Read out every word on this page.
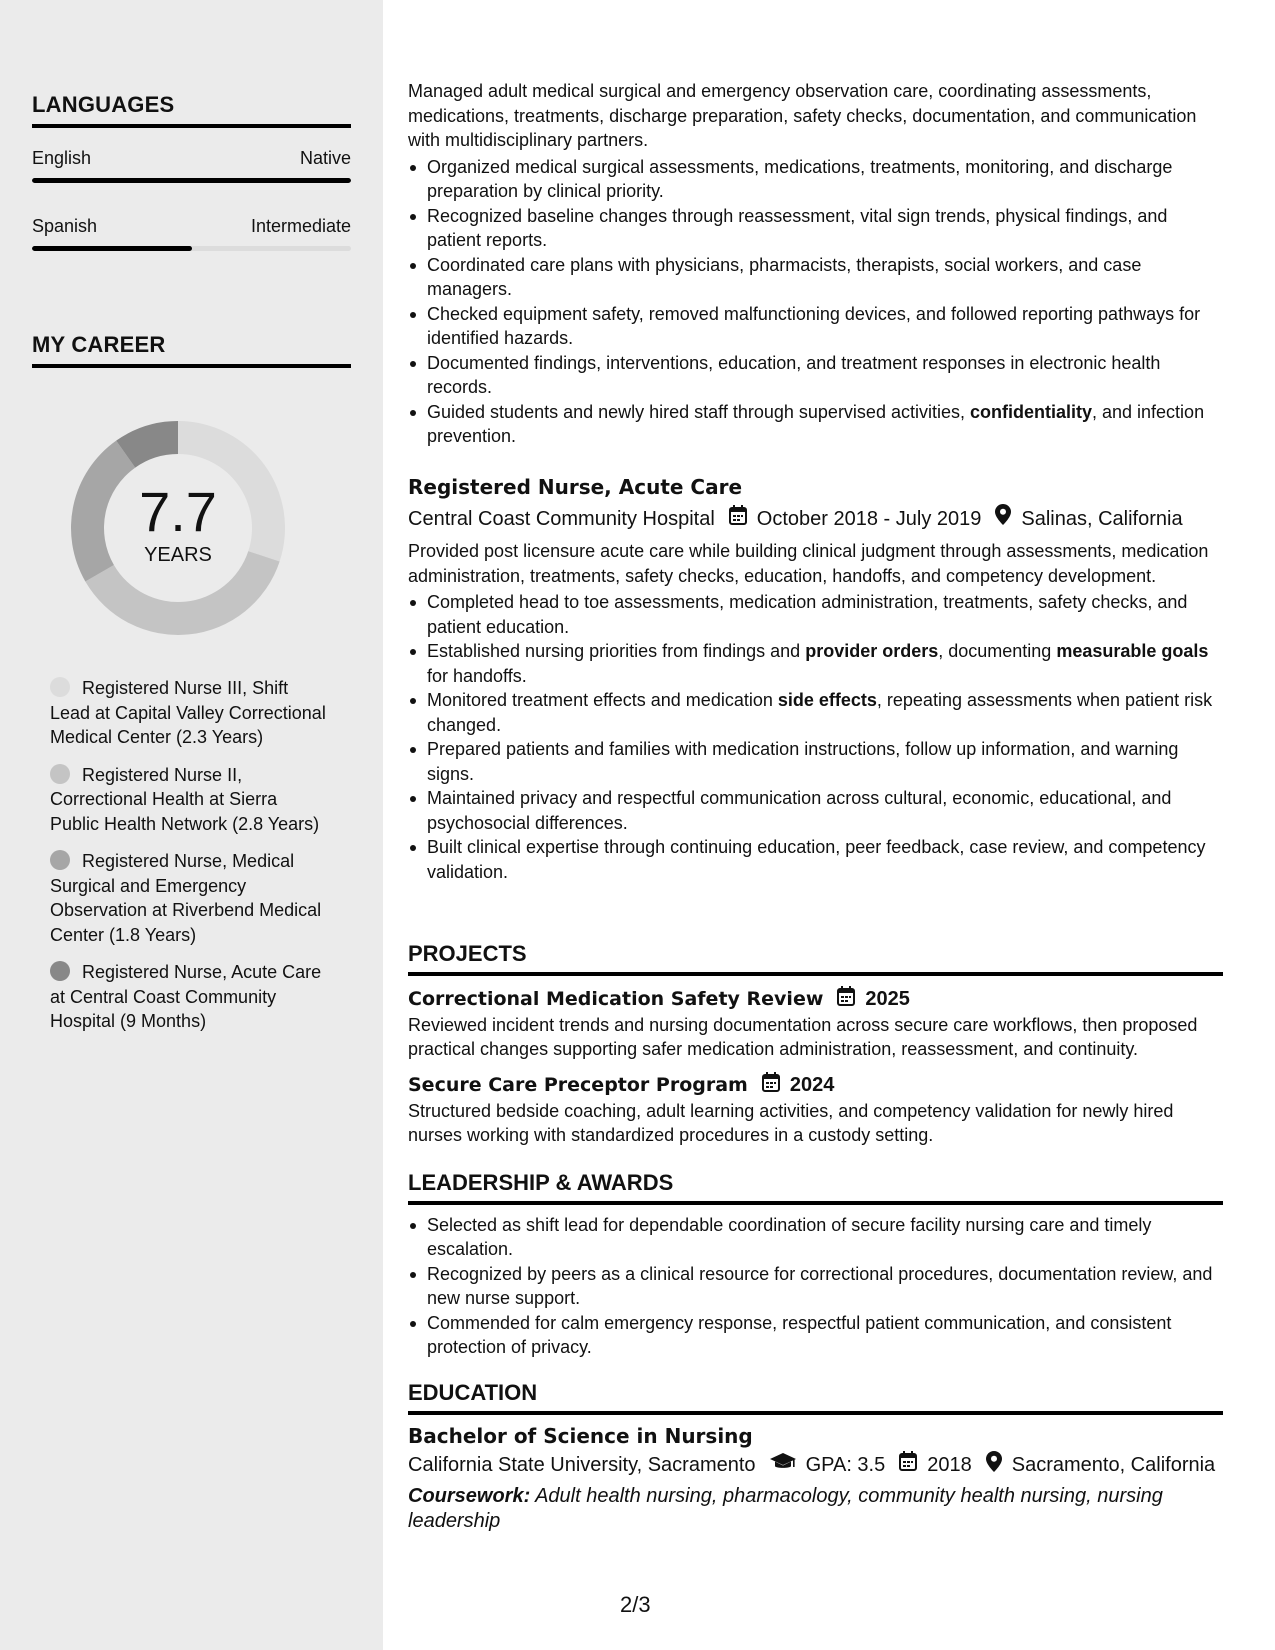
LANGUAGES
English	Native
Spanish	Intermediate
MY CAREER
7.7
YEARS
Registered Nurse III, Shift Lead at Capital Valley Correctional Medical Center (2.3 Years)
Registered Nurse II, Correctional Health at Sierra Public Health Network (2.8 Years)
Registered Nurse, Medical Surgical and Emergency Observation at Riverbend Medical Center (1.8 Years)
Registered Nurse, Acute Care at Central Coast Community Hospital (9 Months)

Managed adult medical surgical and emergency observation care, coordinating assessments, medications, treatments, discharge preparation, safety checks, documentation, and communication with multidisciplinary partners.

Organized medical surgical assessments, medications, treatments, monitoring, and discharge preparation by clinical priority.
Recognized baseline changes through reassessment, vital sign trends, physical findings, and patient reports.
Coordinated care plans with physicians, pharmacists, therapists, social workers, and case managers.
Checked equipment safety, removed malfunctioning devices, and followed reporting pathways for identified hazards.
Documented findings, interventions, education, and treatment responses in electronic health records.
Guided students and newly hired staff through supervised activities, confidentiality, and infection prevention.
Registered Nurse, Acute Care
Central Coast Community Hospital October 2018 - July 2019 Salinas, California

Provided post licensure acute care while building clinical judgment through assessments, medication administration, treatments, safety checks, education, handoffs, and competency development.

Completed head to toe assessments, medication administration, treatments, safety checks, and patient education.
Established nursing priorities from findings and provider orders, documenting measurable goals for handoffs.
Monitored treatment effects and medication side effects, repeating assessments when patient risk changed.
Prepared patients and families with medication instructions, follow up information, and warning signs.
Maintained privacy and respectful communication across cultural, economic, educational, and psychosocial differences.
Built clinical expertise through continuing education, peer feedback, case review, and competency validation.
PROJECTS
Correctional Medication Safety Review 2025

Reviewed incident trends and nursing documentation across secure care workflows, then proposed practical changes supporting safer medication administration, reassessment, and continuity.

Secure Care Preceptor Program 2024

Structured bedside coaching, adult learning activities, and competency validation for newly hired nurses working with standardized procedures in a custody setting.

LEADERSHIP & AWARDS
Selected as shift lead for dependable coordination of secure facility nursing care and timely escalation.
Recognized by peers as a clinical resource for correctional procedures, documentation review, and new nurse support.
Commended for calm emergency response, respectful patient communication, and consistent protection of privacy.
EDUCATION
Bachelor of Science in Nursing
California State University, Sacramento	GPA: 3.5 2018 Sacramento, California
Coursework: Adult health nursing, pharmacology, community health nursing, nursing leadership
2/3
